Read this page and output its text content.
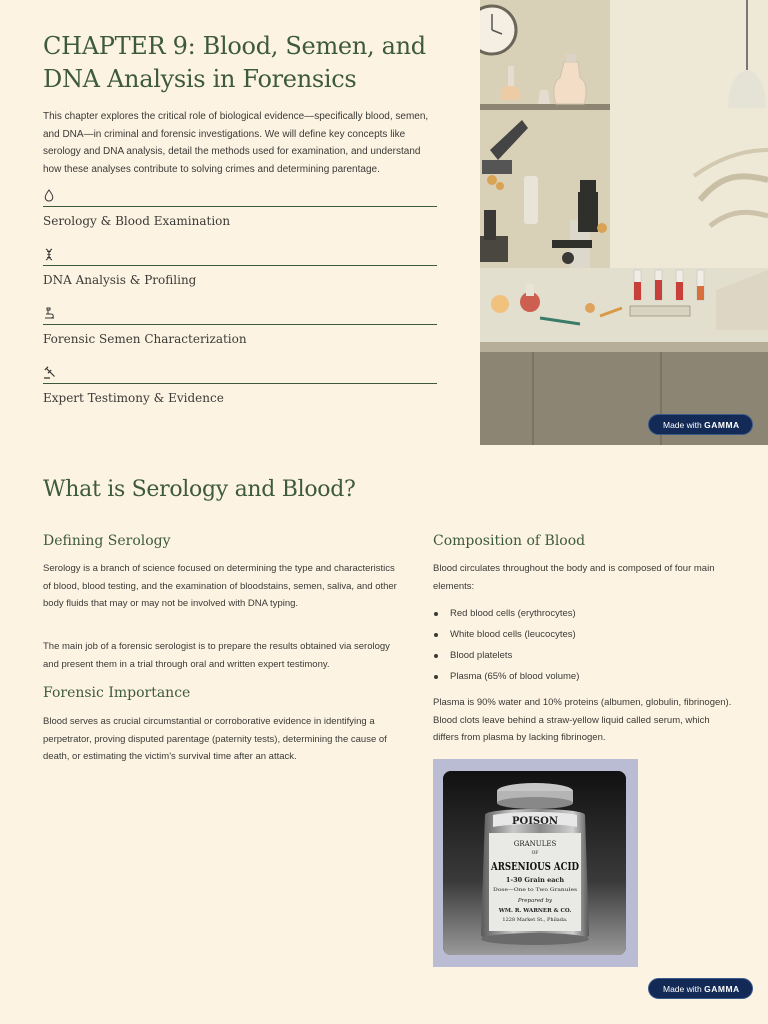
CHAPTER 9: Blood, Semen, and DNA Analysis in Forensics

This chapter explores the critical role of biological evidence—specifically blood, semen, and DNA—in criminal and forensic investigations. We will define key concepts like serology and DNA analysis, detail the methods used for examination, and understand how these analyses contribute to solving crimes and determining parentage.

Serology & Blood Examination
DNA Analysis & Profiling
Forensic Semen Characterization
Expert Testimony & Evidence
Made with GAMMA
What is Serology and Blood?
Defining Serology

Serology is a branch of science focused on determining the type and characteristics of blood, blood testing, and the examination of bloodstains, semen, saliva, and other body fluids that may or may not be involved with DNA typing.

The main job of a forensic serologist is to prepare the results obtained via serology and present them in a trial through oral and written expert testimony.

Forensic Importance

Blood serves as crucial circumstantial or corroborative evidence in identifying a perpetrator, proving disputed parentage (paternity tests), determining the cause of death, or estimating the victim's survival time after an attack.

Composition of Blood

Blood circulates throughout the body and is composed of four main elements:

Red blood cells (erythrocytes)
White blood cells (leucocytes)
Blood platelets
Plasma (65% of blood volume)

Plasma is 90% water and 10% proteins (albumen, globulin, fibrinogen). Blood clots leave behind a straw-yellow liquid called serum, which differs from plasma by lacking fibrinogen.

POISON
GRANULES
OF
ARSENIOUS ACID
1-30 Grain each
Dose—One to Two Granules
Prepared by
WM. R. WARNER & CO.
1228 Market St., Philada.
Made with GAMMA
